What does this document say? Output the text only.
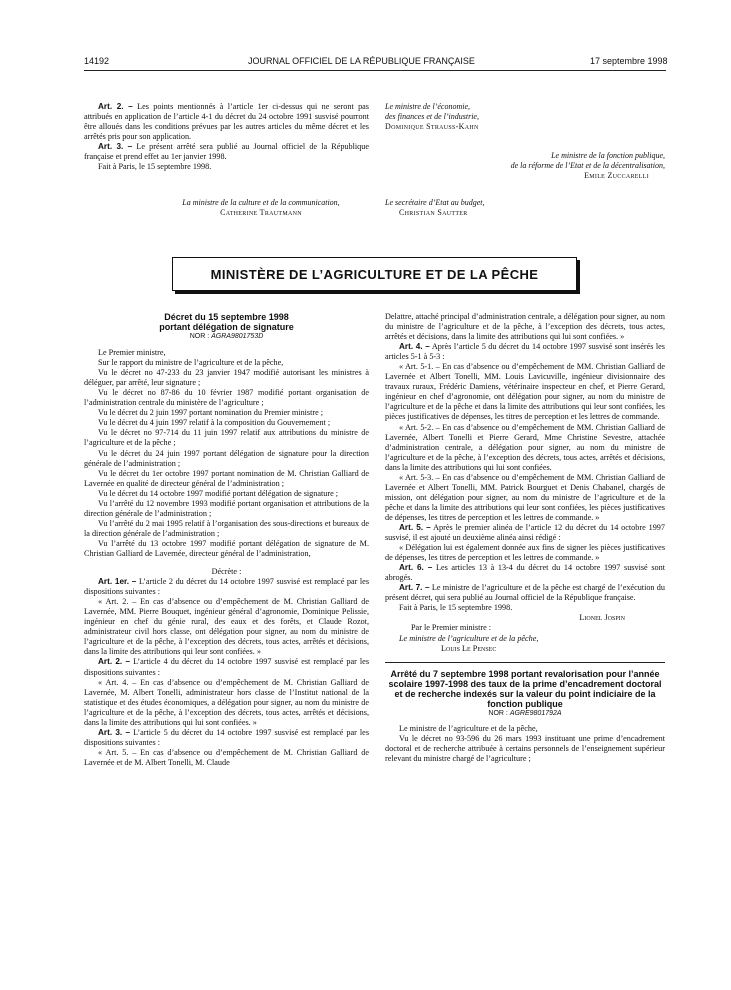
14192	JOURNAL OFFICIEL DE LA RÉPUBLIQUE FRANÇAISE	17 septembre 1998

Art. 2. – Les points mentionnés à l’article 1er ci-dessus qui ne seront pas attribués en application de l’article 4-1 du décret du 24 octobre 1991 susvisé pourront être alloués dans les conditions prévues par les autres articles du même décret et les arrêtés pris pour son application.

Art. 3. – Le présent arrêté sera publié au Journal officiel de la République française et prend effet au 1er janvier 1998.

Fait à Paris, le 15 septembre 1998.

La ministre de la culture et de la communication,
Catherine Trautmann
Le ministre de l’économie,
des finances et de l’industrie,
Dominique Strauss-Kahn
Le ministre de la fonction publique,
de la réforme de l’Etat et de la décentralisation,
Emile Zuccarelli
Le secrétaire d’Etat au budget,
Christian Sautter
MINISTÈRE DE L’AGRICULTURE ET DE LA PÊCHE
Décret du 15 septembre 1998
portant délégation de signature
NOR : AGRA9801753D

Le Premier ministre,

Sur le rapport du ministre de l’agriculture et de la pêche,

Vu le décret no 47-233 du 23 janvier 1947 modifié autorisant les ministres à déléguer, par arrêté, leur signature ;

Vu le décret no 87-86 du 10 février 1987 modifié portant organisation de l’administration centrale du ministère de l’agriculture ;

Vu le décret du 2 juin 1997 portant nomination du Premier ministre ;

Vu le décret du 4 juin 1997 relatif à la composition du Gouvernement ;

Vu le décret no 97-714 du 11 juin 1997 relatif aux attributions du ministre de l’agriculture et de la pêche ;

Vu le décret du 24 juin 1997 portant délégation de signature pour la direction générale de l’administration ;

Vu le décret du 1er octobre 1997 portant nomination de M. Christian Galliard de Lavernée en qualité de directeur général de l’administration ;

Vu le décret du 14 octobre 1997 modifié portant délégation de signature ;

Vu l’arrêté du 12 novembre 1993 modifié portant organisation et attributions de la direction générale de l’administration ;

Vu l’arrêté du 2 mai 1995 relatif à l’organisation des sous-directions et bureaux de la direction générale de l’administration ;

Vu l’arrêté du 13 octobre 1997 modifié portant délégation de signature de M. Christian Galliard de Lavernée, directeur général de l’administration,

Décrète :

Art. 1er. – L’article 2 du décret du 14 octobre 1997 susvisé est remplacé par les dispositions suivantes :

« Art. 2. – En cas d’absence ou d’empêchement de M. Christian Galliard de Lavernée, MM. Pierre Bouquet, ingénieur général d’agronomie, Dominique Pelissie, ingénieur en chef du génie rural, des eaux et des forêts, et Claude Rozot, administrateur civil hors classe, ont délégation pour signer, au nom du ministre de l’agriculture et de la pêche, à l’exception des décrets, tous actes, arrêtés et décisions, dans la limite des attributions qui leur sont confiées. »

Art. 2. – L’article 4 du décret du 14 octobre 1997 susvisé est remplacé par les dispositions suivantes :

« Art. 4. – En cas d’absence ou d’empêchement de M. Christian Galliard de Lavernée, M. Albert Tonelli, administrateur hors classe de l’Institut national de la statistique et des études économiques, a délégation pour signer, au nom du ministre de l’agriculture et de la pêche, à l’exception des décrets, tous actes, arrêtés et décisions, dans la limite des attributions qui lui sont confiées. »

Art. 3. – L’article 5 du décret du 14 octobre 1997 susvisé est remplacé par les dispositions suivantes :

« Art. 5. – En cas d’absence ou d’empêchement de M. Christian Galliard de Lavernée et de M. Albert Tonelli, M. Claude

Delattre, attaché principal d’administration centrale, a délégation pour signer, au nom du ministre de l’agriculture et de la pêche, à l’exception des décrets, tous actes, arrêtés et décisions, dans la limite des attributions qui lui sont confiées. »

Art. 4. – Après l’article 5 du décret du 14 octobre 1997 susvisé sont insérés les articles 5-1 à 5-3 :

« Art. 5-1. – En cas d’absence ou d’empêchement de MM. Christian Galliard de Lavernée et Albert Tonelli, MM. Louis Lavicuville, ingénieur divisionnaire des travaux ruraux, Frédéric Damiens, vétérinaire inspecteur en chef, et Pierre Gerard, ingénieur en chef d’agronomie, ont délégation pour signer, au nom du ministre de l’agriculture et de la pêche et dans la limite des attributions qui leur sont confiées, les pièces justificatives de dépenses, les titres de perception et les lettres de commande.

« Art. 5-2. – En cas d’absence ou d’empêchement de MM. Christian Galliard de Lavernée, Albert Tonelli et Pierre Gerard, Mme Christine Sevestre, attachée d’administration centrale, a délégation pour signer, au nom du ministre de l’agriculture et de la pêche, à l’exception des décrets, tous actes, arrêtés et décisions, dans la limite des attributions qui lui sont confiées.

« Art. 5-3. – En cas d’absence ou d’empêchement de MM. Christian Galliard de Lavernée et Albert Tonelli, MM. Patrick Bourguet et Denis Chabanel, chargés de mission, ont délégation pour signer, au nom du ministre de l’agriculture et de la pêche et dans la limite des attributions qui leur sont confiées, les pièces justificatives de dépenses, les titres de perception et les lettres de commande. »

Art. 5. – Après le premier alinéa de l’article 12 du décret du 14 octobre 1997 susvisé, il est ajouté un deuxième alinéa ainsi rédigé :

« Délégation lui est également donnée aux fins de signer les pièces justificatives de dépenses, les titres de perception et les lettres de commande. »

Art. 6. – Les articles 13 à 13-4 du décret du 14 octobre 1997 susvisé sont abrogés.

Art. 7. – Le ministre de l’agriculture et de la pêche est chargé de l’exécution du présent décret, qui sera publié au Journal officiel de la République française.

Fait à Paris, le 15 septembre 1998.

Lionel Jospin
Par le Premier ministre :
Le ministre de l’agriculture et de la pêche,
Louis Le Pensec
Arrêté du 7 septembre 1998 portant revalorisation pour l’année scolaire 1997-1998 des taux de la prime d’encadrement doctoral et de recherche indexés sur la valeur du point indiciaire de la fonction publique
NOR : AGRE9801792A

Le ministre de l’agriculture et de la pêche,

Vu le décret no 93-596 du 26 mars 1993 instituant une prime d’encadrement doctoral et de recherche attribuée à certains personnels de l’enseignement supérieur relevant du ministre chargé de l’agriculture ;
